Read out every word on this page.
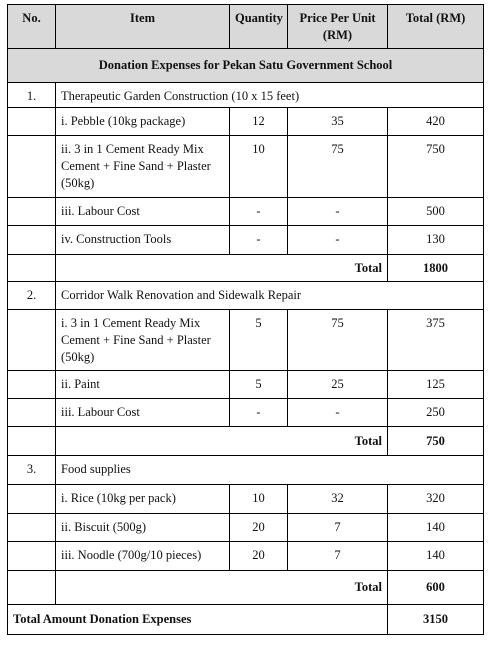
No.	Item	Quantity	Price Per Unit (RM)	Total (RM)
Donation Expenses for Pekan Satu Government School				
1.	Therapeutic Garden Construction (10 x 15 feet)			
	i. Pebble (10kg package)	12	35	420
	ii. 3 in 1 Cement Ready Mix Cement + Fine Sand + Plaster (50kg)	10	75	750
	iii. Labour Cost	-	-	500
	iv. Construction Tools	-	-	130
	Total			1800
2.	Corridor Walk Renovation and Sidewalk Repair			
	i. 3 in 1 Cement Ready Mix Cement + Fine Sand + Plaster (50kg)	5	75	375
	ii. Paint	5	25	125
	iii. Labour Cost	-	-	250
	Total			750
3.	Food supplies			
	i. Rice (10kg per pack)	10	32	320
	ii. Biscuit (500g)	20	7	140
	iii. Noodle (700g/10 pieces)	20	7	140
	Total			600
Total Amount Donation Expenses				3150
